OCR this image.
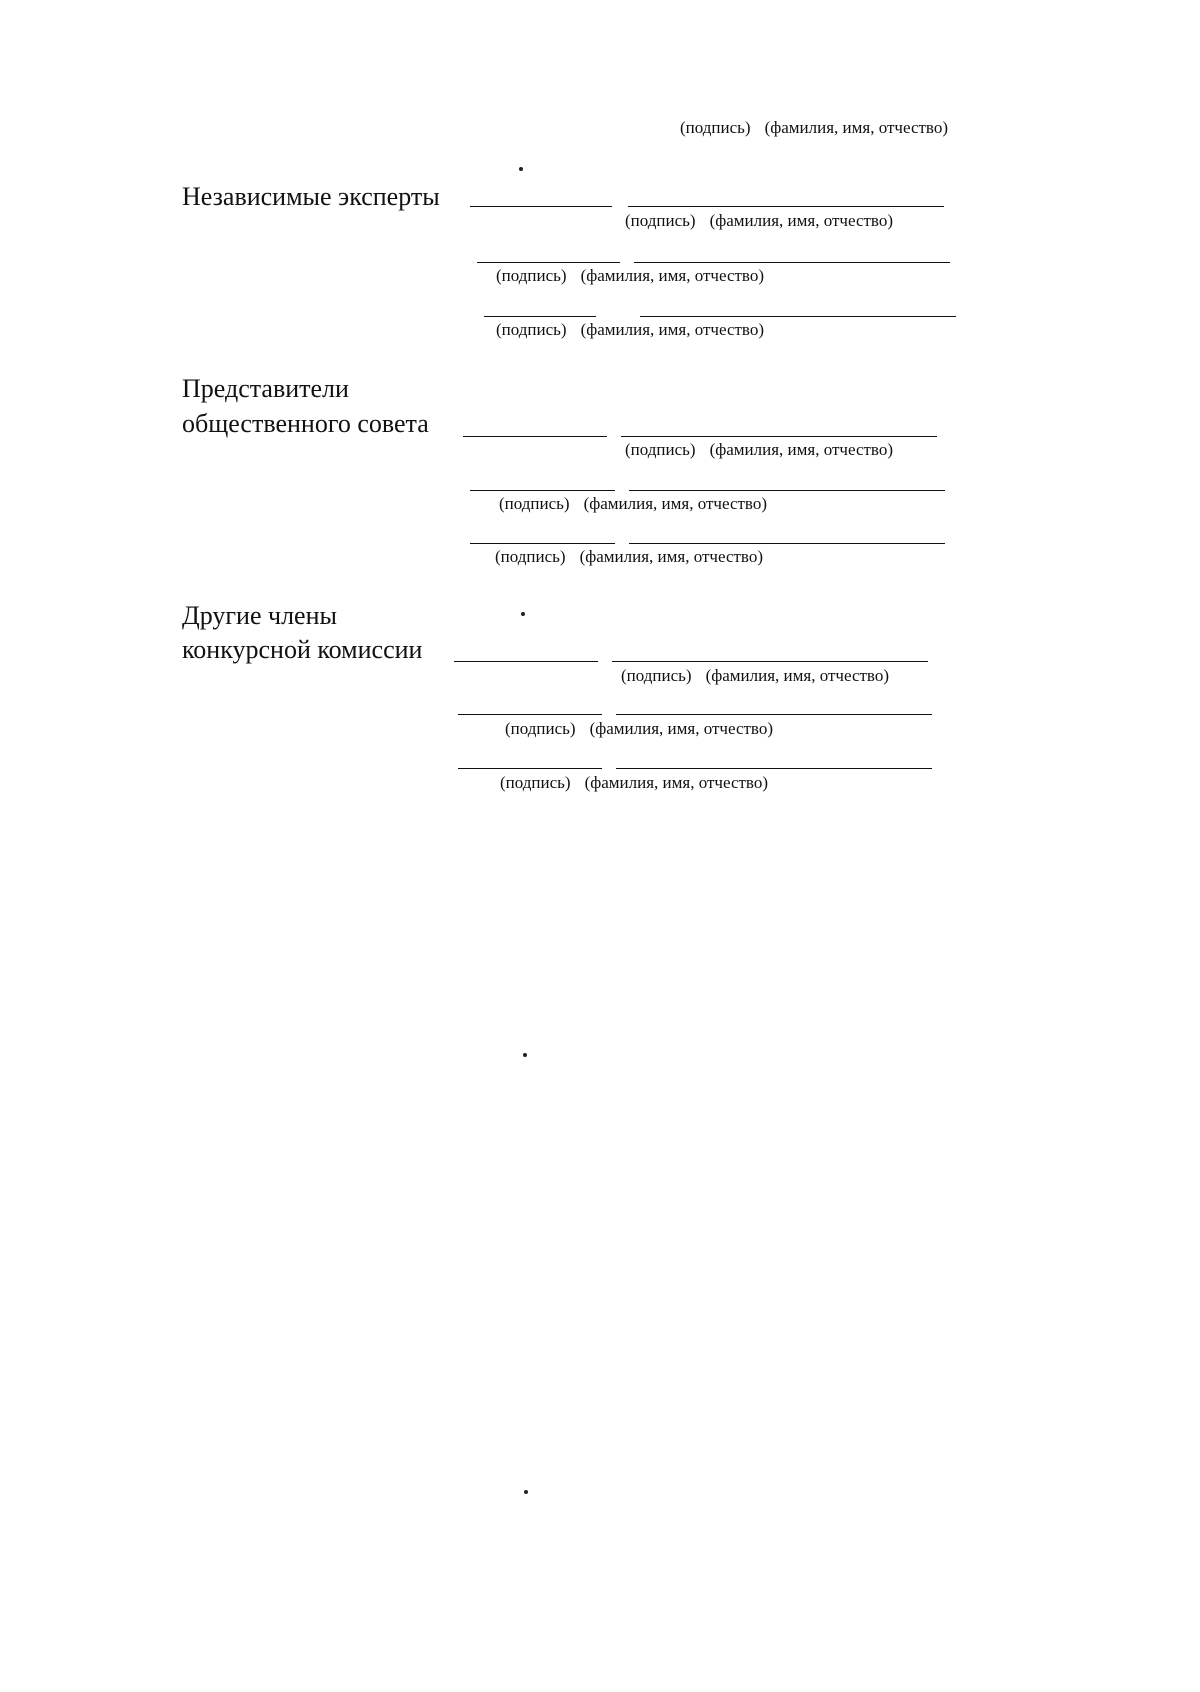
(подпись) (фамилия, имя, отчество)
Независимые эксперты
(подпись) (фамилия, имя, отчество)
(подпись) (фамилия, имя, отчество)
(подпись) (фамилия, имя, отчество)
Представители
общественного совета
(подпись) (фамилия, имя, отчество)
(подпись) (фамилия, имя, отчество)
(подпись) (фамилия, имя, отчество)
Другие члены
конкурсной комиссии
(подпись) (фамилия, имя, отчество)
(подпись) (фамилия, имя, отчество)
(подпись) (фамилия, имя, отчество)
